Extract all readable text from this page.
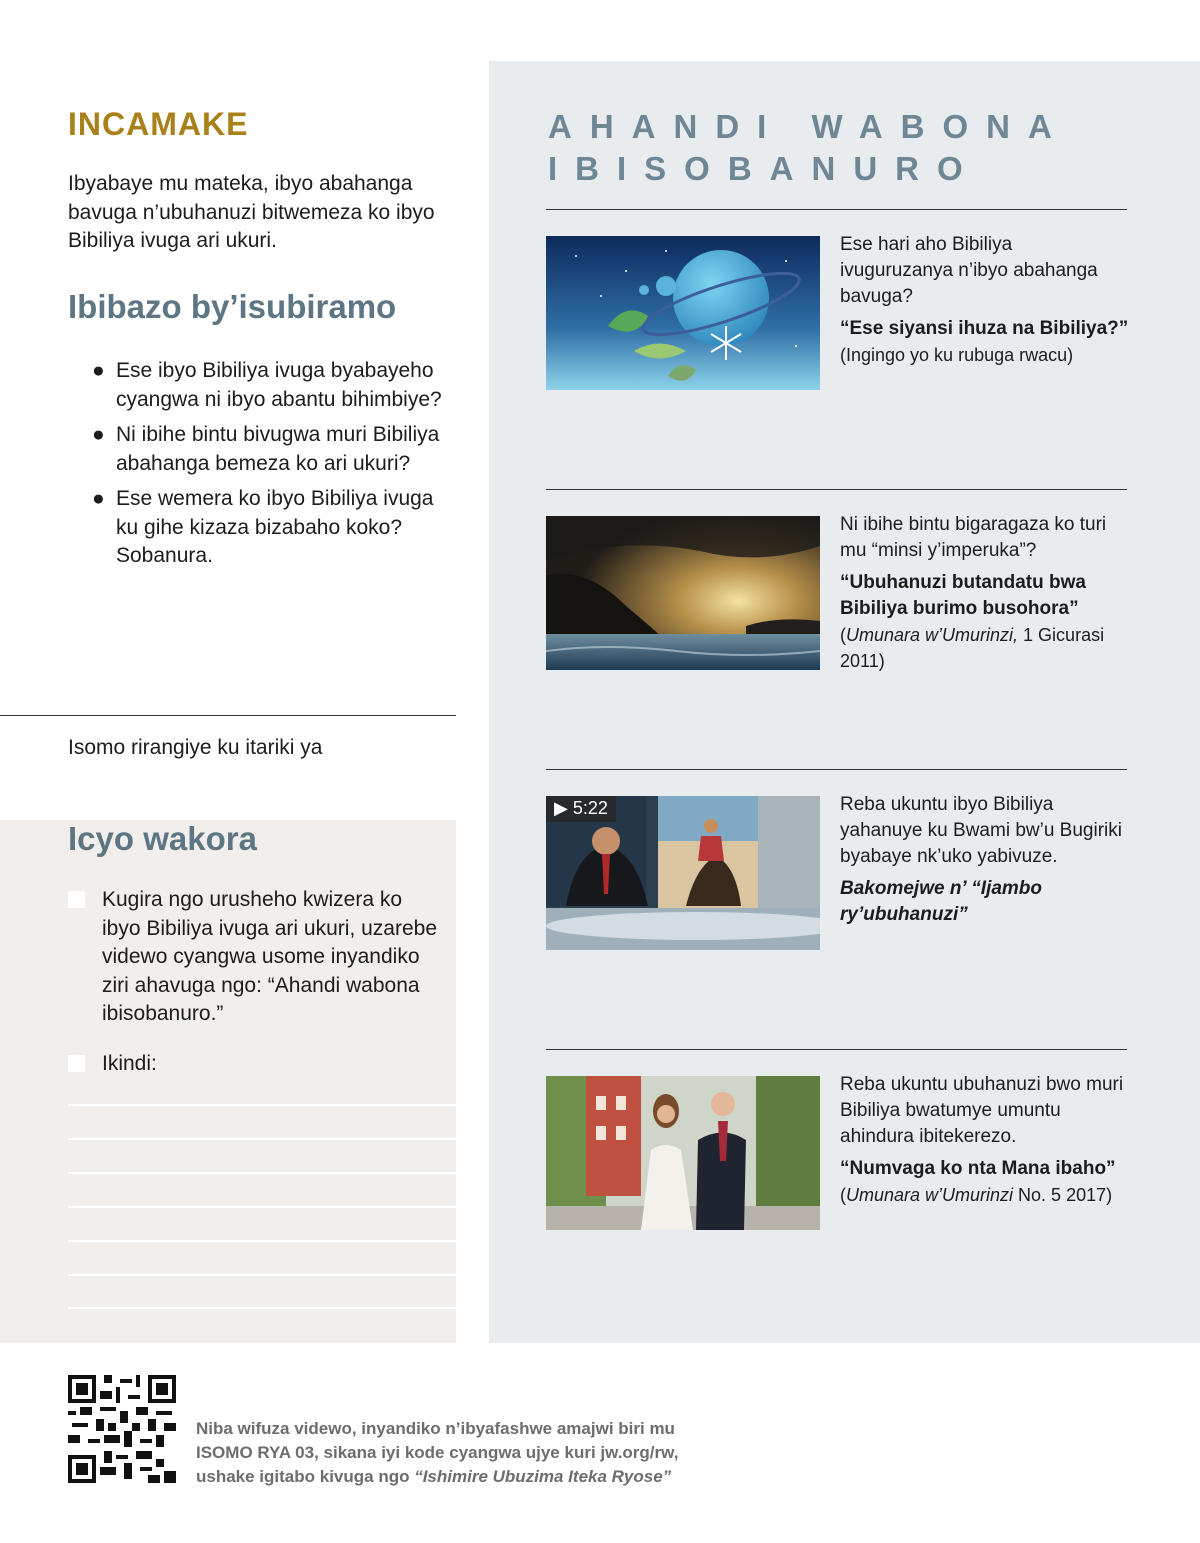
INCAMAKE

Ibyabaye mu mateka, ibyo abahanga bavuga n’ubuhanuzi bitwemeza ko ibyo Bibiliya ivuga ari ukuri.

Ibibazo by’isubiramo
● Ese ibyo Bibiliya ivuga byabayeho cyangwa ni ibyo abantu bihimbiye?
● Ni ibihe bintu bivugwa muri Bibiliya abahanga bemeza ko ari ukuri?
● Ese wemera ko ibyo Bibiliya ivuga ku gihe kizaza bizabaho koko? Sobanura.
Isomo rirangiye ku itariki ya
Icyo wakora
Kugira ngo urusheho kwizera ko ibyo Bibiliya ivuga ari ukuri, uzarebe videwo cyangwa usome inyandiko ziri ahavuga ngo: “Ahandi wabona ibisobanuro.”
Ikindi:
AHANDI WABONA IBISOBANURO

Ese hari aho Bibiliya ivuguruzanya n’ibyo abahanga bavuga?

“Ese siyansi ihuza na Bibiliya?” (Ingingo yo ku rubuga rwacu)

Ni ibihe bintu bigaragaza ko turi mu “minsi y’imperuka”?

“Ubuhanuzi butandatu bwa Bibiliya burimo busohora”
(Umunara w’Umurinzi, 1 Gicurasi 2011)
▶ 5:22	Reba ukuntu ibyo Bibiliya yahanuye ku Bwami bw’u Bugiriki byabaye nk’uko yabivuze.

Bakomejwe n’ “Ijambo ry’ubuhanuzi”

Reba ukuntu ubuhanuzi bwo muri Bibiliya bwatumye umuntu ahindura ibitekerezo.

“Numvaga ko nta Mana ibaho”
(Umunara w’Umurinzi No. 5 2017)
Niba wifuza videwo, inyandiko n’ibyafashwe amajwi biri mu
ISOMO RYA 03, sikana iyi kode cyangwa ujye kuri jw.org/rw,
ushake igitabo kivuga ngo “Ishimire Ubuzima Iteka Ryose”
